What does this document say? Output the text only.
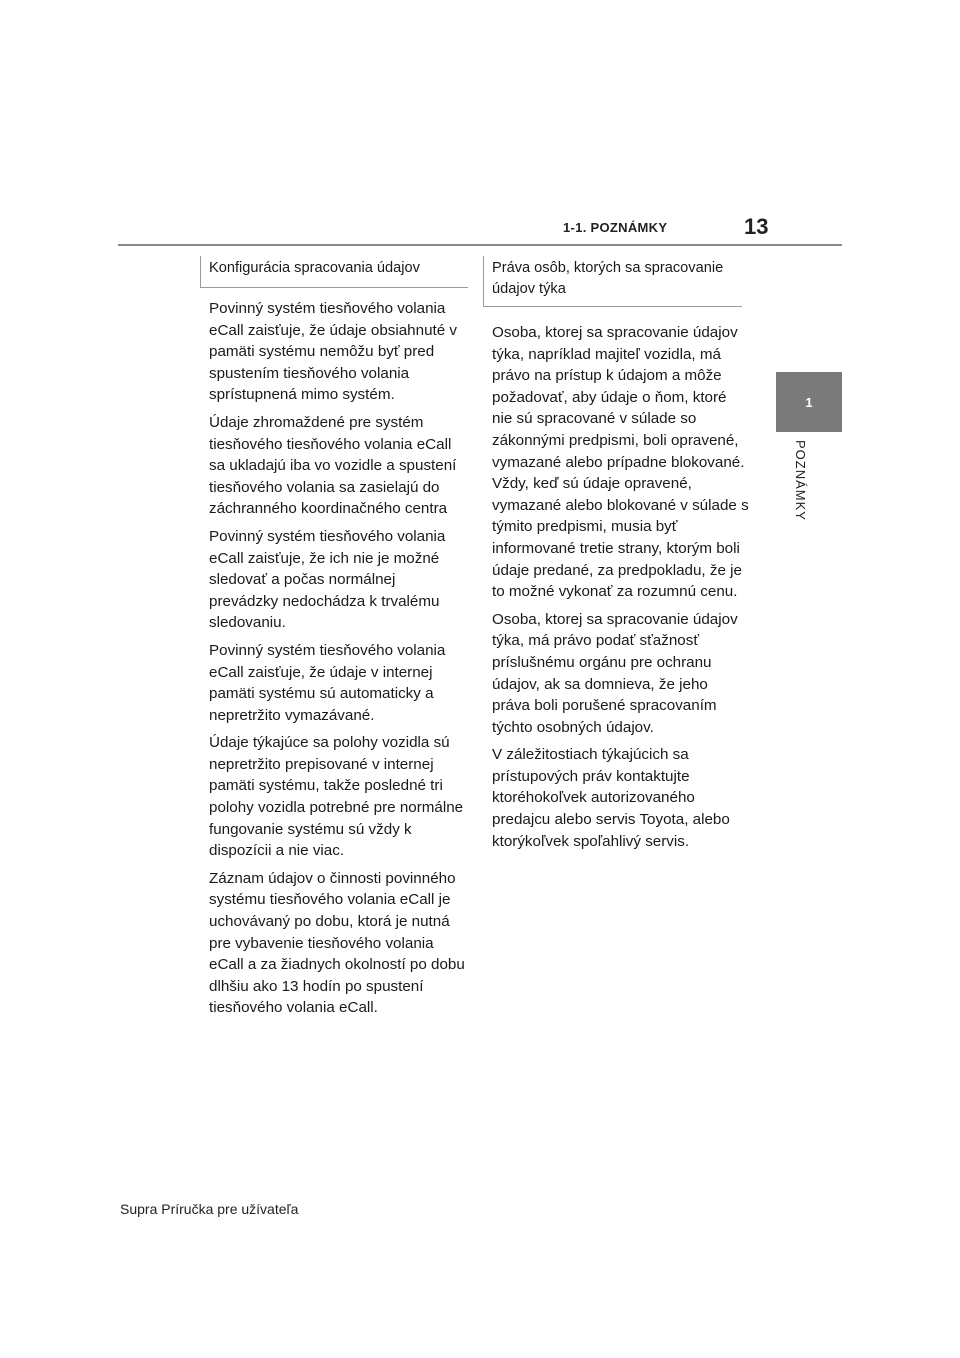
1-1. POZNÁMKY	13
1
POZNÁMKY
Konfigurácia spracovania údajov

Povinný systém tiesňového volania eCall zaisťuje, že údaje obsiahnuté v pamäti systému nemôžu byť pred spustením tiesňového volania sprístupnená mimo systém.

Údaje zhromaždené pre systém tiesňového tiesňového volania eCall sa ukladajú iba vo vozidle a spustení tiesňového volania sa zasielajú do záchranného koordinačného centra

Povinný systém tiesňového volania eCall zaisťuje, že ich nie je možné sledovať a počas normálnej prevádzky nedochádza k trvalému sledovaniu.

Povinný systém tiesňového volania eCall zaisťuje, že údaje v internej pamäti systému sú automaticky a nepretržito vymazávané.

Údaje týkajúce sa polohy vozidla sú nepretržito prepisované v internej pamäti systému, takže posledné tri polohy vozidla potrebné pre normálne fungovanie systému sú vždy k dispozícii a nie viac.

Záznam údajov o činnosti povinného systému tiesňového volania eCall je uchovávaný po dobu, ktorá je nutná pre vybavenie tiesňového volania eCall a za žiadnych okolností po dobu dlhšiu ako 13 hodín po spustení tiesňového volania eCall.

Práva osôb, ktorých sa spracovanie údajov týka

Osoba, ktorej sa spracovanie údajov týka, napríklad majiteľ vozidla, má právo na prístup k údajom a môže požadovať, aby údaje o ňom, ktoré nie sú spracované v súlade so zákonnými predpismi, boli opravené, vymazané alebo prípadne blokované. Vždy, keď sú údaje opravené, vymazané alebo blokované v súlade s týmito predpismi, musia byť informované tretie strany, ktorým boli údaje predané, za predpokladu, že je to možné vykonať za rozumnú cenu.

Osoba, ktorej sa spracovanie údajov týka, má právo podať sťažnosť príslušnému orgánu pre ochranu údajov, ak sa domnieva, že jeho práva boli porušené spracovaním týchto osobných údajov.

V záležitostiach týkajúcich sa prístupových práv kontaktujte ktoréhokoľvek autorizovaného predajcu alebo servis Toyota, alebo ktorýkoľvek spoľahlivý servis.

Supra Príručka pre užívateľa
